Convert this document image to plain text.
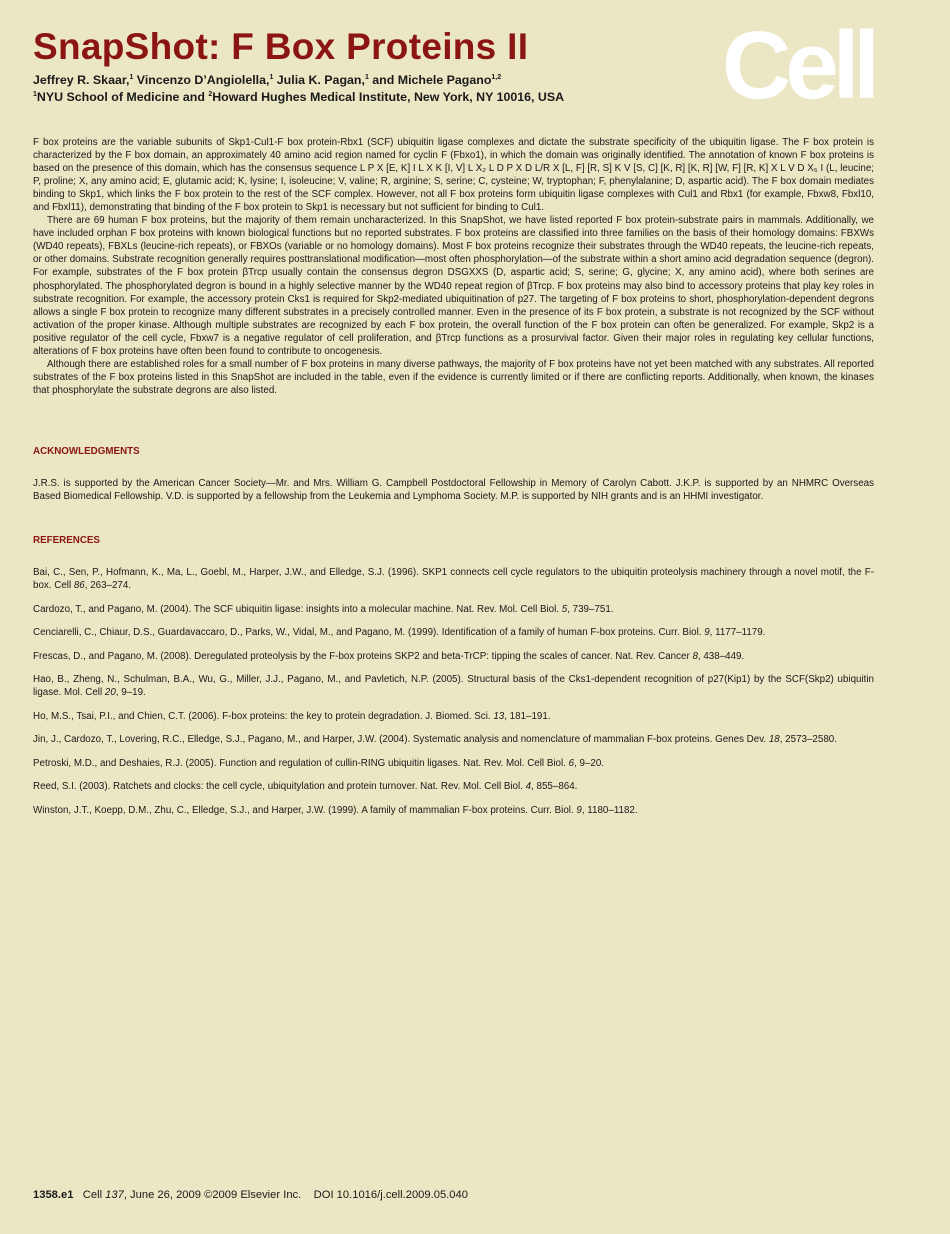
SnapShot: F Box Proteins II
Jeffrey R. Skaar,$^1$ Vincenzo D’Angiolella,$^1$ Julia K. Pagan,$^1$ and Michele Pagano$^{1,2}$
$^1$NYU School of Medicine and $^2$Howard Hughes Medical Institute, New York, NY 10016, USA Cell

F box proteins are the variable subunits of Skp1-Cul1-F box protein-Rbx1 (SCF) ubiquitin ligase complexes and dictate the substrate specificity of the ubiquitin ligase. The F box protein is characterized by the F box domain, an approximately 40 amino acid region named for cyclin F (Fbxo1), in which the domain was originally identified. The annotation of known F box proteins is based on the presence of this domain, which has the consensus sequence L P X [E, K] I L X K [I, V] L X₂ L D P X D L/R X [L, F] [R, S] K V [S, C] [K, R] [K, R] [W, F] [R, K] X L V D X₅ I (L, leucine; P, proline; X, any amino acid; E, glutamic acid; K, lysine; I, isoleucine; V, valine; R, arginine; S, serine; C, cysteine; W, tryptophan; F, phenylalanine; D, aspartic acid). The F box domain mediates binding to Skp1, which links the F box protein to the rest of the SCF complex. However, not all F box proteins form ubiquitin ligase complexes with Cul1 and Rbx1 (for example, Fbxw8, Fbxl10, and Fbxl11), demonstrating that binding of the F box protein to Skp1 is necessary but not sufficient for binding to Cul1.

There are 69 human F box proteins, but the majority of them remain uncharacterized. In this SnapShot, we have listed reported F box protein-substrate pairs in mammals. Additionally, we have included orphan F box proteins with known biological functions but no reported substrates. F box proteins are classified into three families on the basis of their homology domains: FBXWs (WD40 repeats), FBXLs (leucine-rich repeats), or FBXOs (variable or no homology domains). Most F box proteins recognize their substrates through the WD40 repeats, the leucine-rich repeats, or other domains. Substrate recognition generally requires posttranslational modification—most often phosphorylation—of the substrate within a short amino acid degradation sequence (degron). For example, substrates of the F box protein βTrcp usually contain the consensus degron DSGXXS (D, aspartic acid; S, serine; G, glycine; X, any amino acid), where both serines are phosphorylated. The phosphorylated degron is bound in a highly selective manner by the WD40 repeat region of βTrcp. F box proteins may also bind to accessory proteins that play key roles in substrate recognition. For example, the accessory protein Cks1 is required for Skp2-mediated ubiquitination of p27. The targeting of F box proteins to short, phosphorylation-dependent degrons allows a single F box protein to recognize many different substrates in a precisely controlled manner. Even in the presence of its F box protein, a substrate is not recognized by the SCF without activation of the proper kinase. Although multiple substrates are recognized by each F box protein, the overall function of the F box protein can often be generalized. For example, Skp2 is a positive regulator of the cell cycle, Fbxw7 is a negative regulator of cell proliferation, and βTrcp functions as a prosurvival factor. Given their major roles in regulating key cellular functions, alterations of F box proteins have often been found to contribute to oncogenesis.

Although there are established roles for a small number of F box proteins in many diverse pathways, the majority of F box proteins have not yet been matched with any substrates. All reported substrates of the F box proteins listed in this SnapShot are included in the table, even if the evidence is currently limited or if there are conflicting reports. Additionally, when known, the kinases that phosphorylate the substrate degrons are also listed.

ACKNOWLEDGMENTS

J.R.S. is supported by the American Cancer Society—Mr. and Mrs. William G. Campbell Postdoctoral Fellowship in Memory of Carolyn Cabott. J.K.P. is supported by an NHMRC Overseas Based Biomedical Fellowship. V.D. is supported by a fellowship from the Leukemia and Lymphoma Society. M.P. is supported by NIH grants and is an HHMI investigator.

REFERENCES
Bai, C., Sen, P., Hofmann, K., Ma, L., Goebl, M., Harper, J.W., and Elledge, S.J. (1996). SKP1 connects cell cycle regulators to the ubiquitin proteolysis machinery through a novel motif, the F-box. Cell 86, 263–274.
Cardozo, T., and Pagano, M. (2004). The SCF ubiquitin ligase: insights into a molecular machine. Nat. Rev. Mol. Cell Biol. 5, 739–751.
Cenciarelli, C., Chiaur, D.S., Guardavaccaro, D., Parks, W., Vidal, M., and Pagano, M. (1999). Identification of a family of human F-box proteins. Curr. Biol. 9, 1177–1179.
Frescas, D., and Pagano, M. (2008). Deregulated proteolysis by the F-box proteins SKP2 and beta-TrCP: tipping the scales of cancer. Nat. Rev. Cancer 8, 438–449.
Hao, B., Zheng, N., Schulman, B.A., Wu, G., Miller, J.J., Pagano, M., and Pavletich, N.P. (2005). Structural basis of the Cks1-dependent recognition of p27(Kip1) by the SCF(Skp2) ubiquitin ligase. Mol. Cell 20, 9–19.
Ho, M.S., Tsai, P.I., and Chien, C.T. (2006). F-box proteins: the key to protein degradation. J. Biomed. Sci. 13, 181–191.
Jin, J., Cardozo, T., Lovering, R.C., Elledge, S.J., Pagano, M., and Harper, J.W. (2004). Systematic analysis and nomenclature of mammalian F-box proteins. Genes Dev. 18, 2573–2580.
Petroski, M.D., and Deshaies, R.J. (2005). Function and regulation of cullin-RING ubiquitin ligases. Nat. Rev. Mol. Cell Biol. 6, 9–20.
Reed, S.I. (2003). Ratchets and clocks: the cell cycle, ubiquitylation and protein turnover. Nat. Rev. Mol. Cell Biol. 4, 855–864.
Winston, J.T., Koepp, D.M., Zhu, C., Elledge, S.J., and Harper, J.W. (1999). A family of mammalian F-box proteins. Curr. Biol. 9, 1180–1182.
1358.e1 Cell 137, June 26, 2009 ©2009 Elsevier Inc.    DOI 10.1016/j.cell.2009.05.040
